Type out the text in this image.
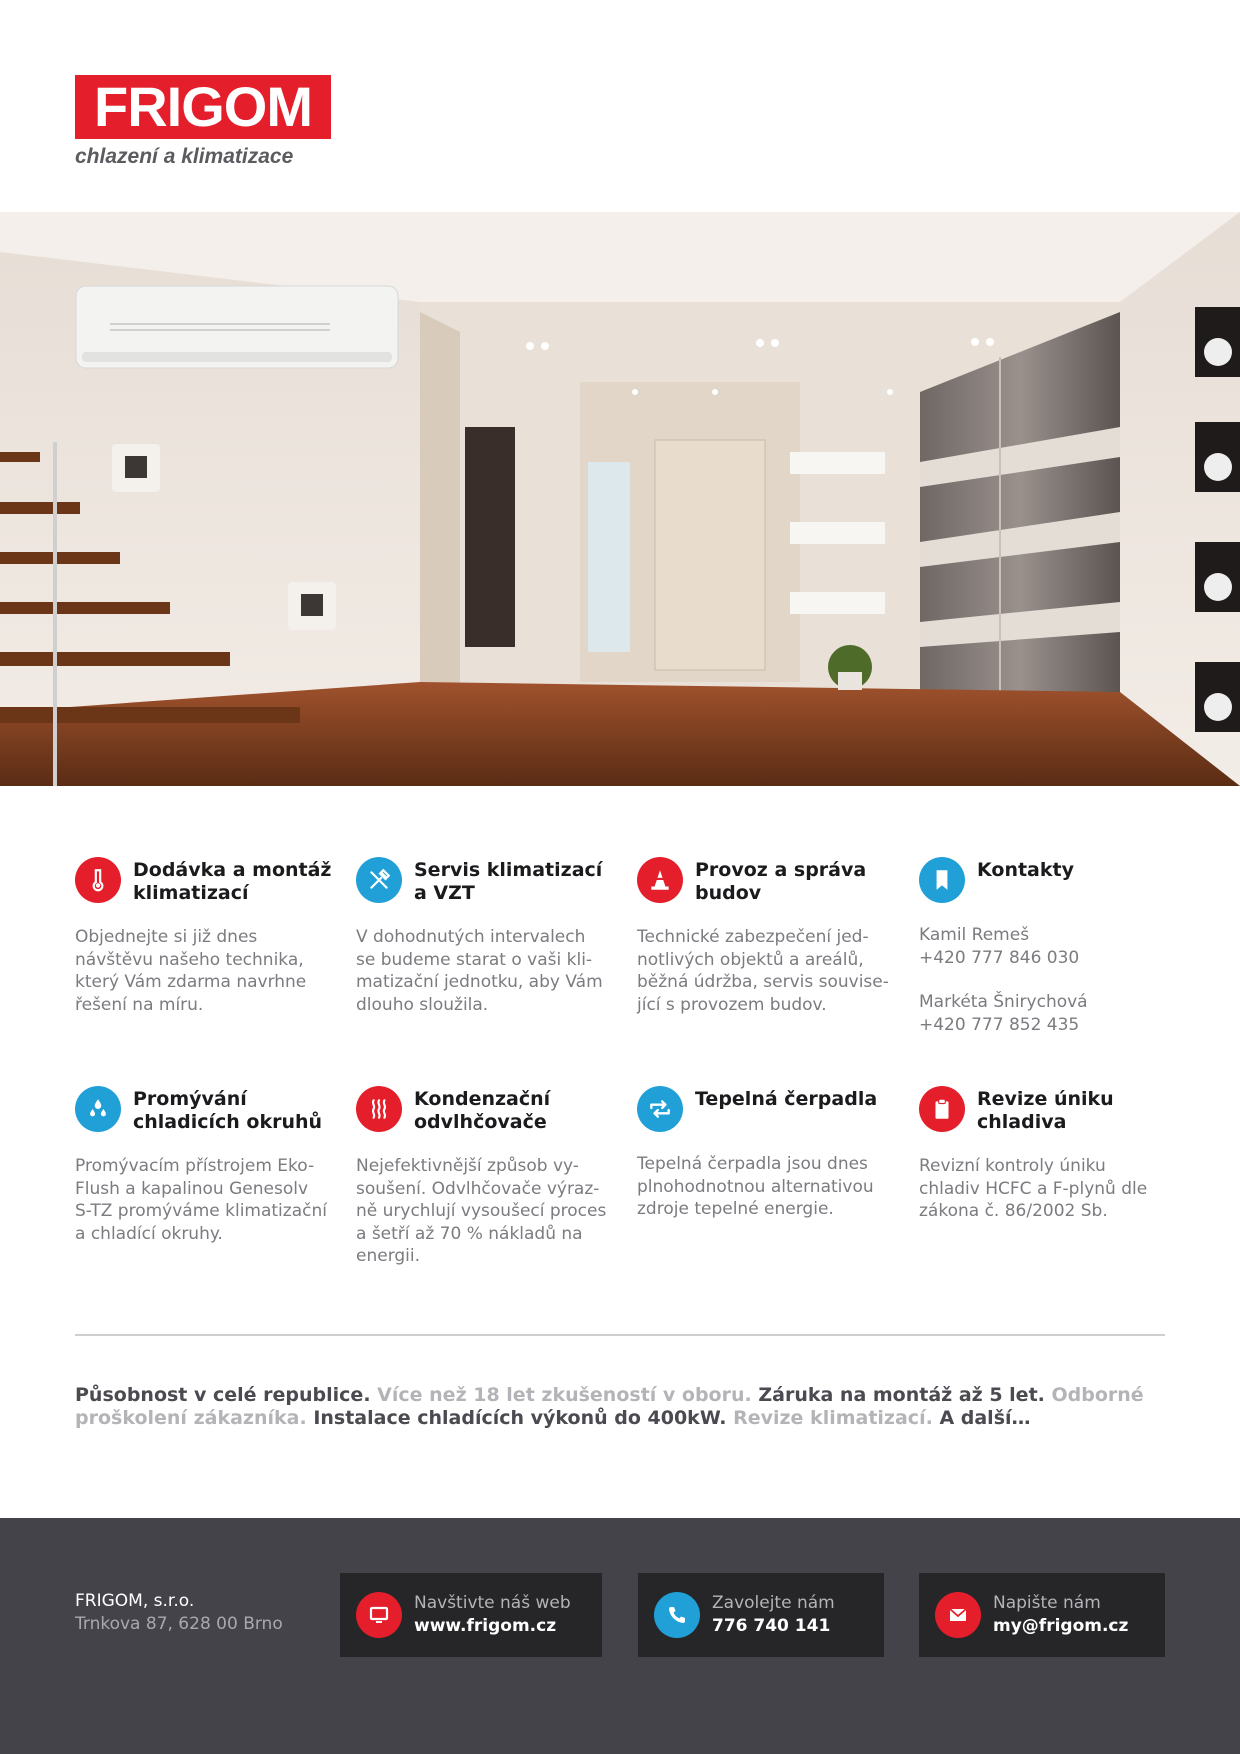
FRIGOM
chlazení a klimatizace
Dodávka a montáž klimatizací
Objednejte si již dnes
návštěvu našeho technika,
který Vám zdarma navrhne
řešení na míru.
Servis klimatizací a VZT
V dohodnutých intervalech
se budeme starat o vaši kli-
matizační jednotku, aby Vám
dlouho sloužila.
Provoz a správa budov
Technické zabezpečení jed-
notlivých objektů a areálů,
běžná údržba, servis souvise-
jící s provozem budov.
Kontakty
Kamil Remeš
+420 777 846 030
Markéta Šnirychová
+420 777 852 435
Promývání chladicích okruhů
Promývacím přístrojem Eko-
Flush a kapalinou Genesolv
S-TZ promýváme klimatizační
a chladící okruhy.
Kondenzační odvlhčovače
Nejefektivnější způsob vy-
soušení. Odvlhčovače výraz-
ně urychlují vysoušecí proces
a šetří až 70 % nákladů na
energii.
Tepelná čerpadla
Tepelná čerpadla jsou dnes
plnohodnotnou alternativou
zdroje tepelné energie.
Revize úniku chladiva
Revizní kontroly úniku
chladiv HCFC a F-plynů dle
zákona č. 86/2002 Sb.
Působnost v celé republice. Více než 18 let zkušeností v oboru. Záruka na montáž až 5 let. Odborné proškolení zákazníka. Instalace chladících výkonů do 400kW. Revize klimatizací. A další…
FRIGOM, s.r.o.
Trnkova 87, 628 00 Brno
Navštivte náš web
www.frigom.cz
Zavolejte nám
776 740 141
Napište nám
my@frigom.cz
